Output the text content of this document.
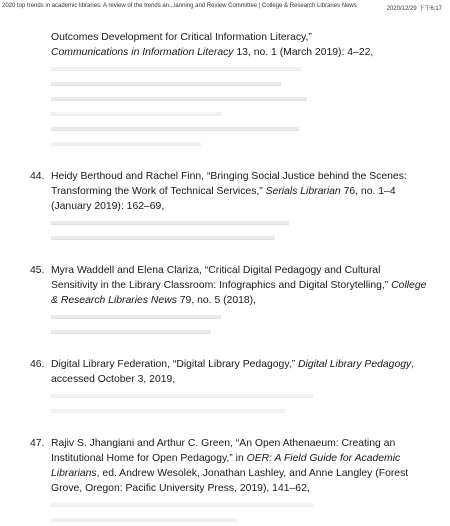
2020 top trends in academic libraries: A review of the trends an...lanning and Review Committee | College & Research Libraries News	2020/12/29 下午6:17
Outcomes Development for Critical Information Literacy,”
Communications in Information Literacy 13, no. 1 (March 2019): 4–22,
44. Heidy Berthoud and Rachel Finn, “Bringing Social Justice behind the Scenes: Transforming the Work of Technical Services,” Serials Librarian 76, no. 1–4 (January 2019): 162–69,
45. Myra Waddell and Elena Clariza, “Critical Digital Pedagogy and Cultural Sensitivity in the Library Classroom: Infographics and Digital Storytelling,” College & Research Libraries News 79, no. 5 (2018),
46. Digital Library Federation, “Digital Library Pedagogy,” Digital Library Pedagogy, accessed October 3, 2019,
47. Rajiv S. Jhangiani and Arthur C. Green, “An Open Athenaeum: Creating an Institutional Home for Open Pedagogy,” in OER: A Field Guide for Academic Librarians, ed. Andrew Wesolek, Jonathan Lashley, and Anne Langley (Forest Grove, Oregon: Pacific University Press, 2019), 141–62,
